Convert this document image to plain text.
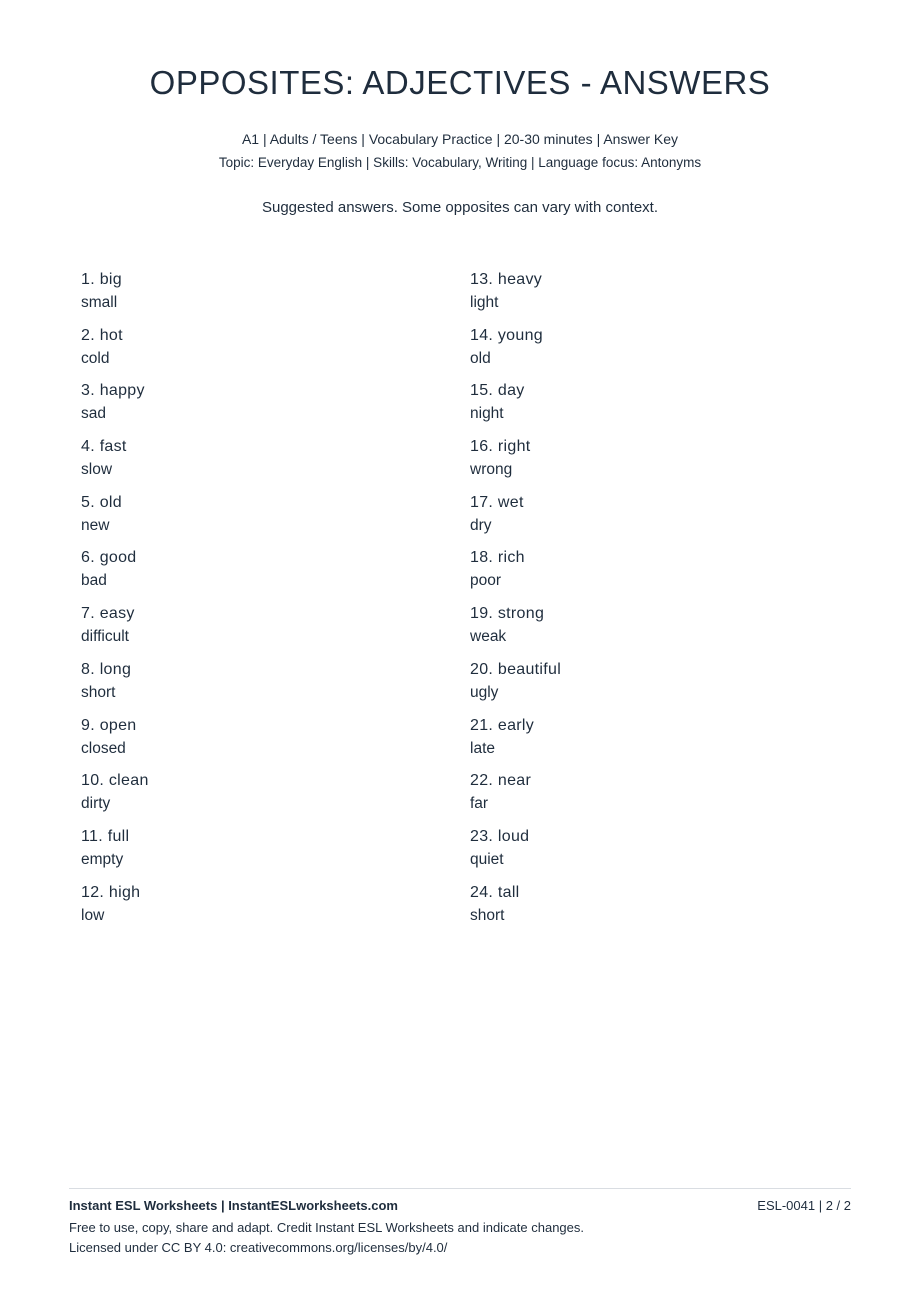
OPPOSITES: ADJECTIVES - ANSWERS
A1 | Adults / Teens | Vocabulary Practice | 20-30 minutes | Answer Key
Topic: Everyday English | Skills: Vocabulary, Writing | Language focus: Antonyms
Suggested answers. Some opposites can vary with context.
1. big
small
2. hot
cold
3. happy
sad
4. fast
slow
5. old
new
6. good
bad
7. easy
difficult
8. long
short
9. open
closed
10. clean
dirty
11. full
empty
12. high
low
13. heavy
light
14. young
old
15. day
night
16. right
wrong
17. wet
dry
18. rich
poor
19. strong
weak
20. beautiful
ugly
21. early
late
22. near
far
23. loud
quiet
24. tall
short
Instant ESL Worksheets | InstantESLworksheets.com	ESL-0041 | 2 / 2
Free to use, copy, share and adapt. Credit Instant ESL Worksheets and indicate changes.
Licensed under CC BY 4.0: creativecommons.org/licenses/by/4.0/
